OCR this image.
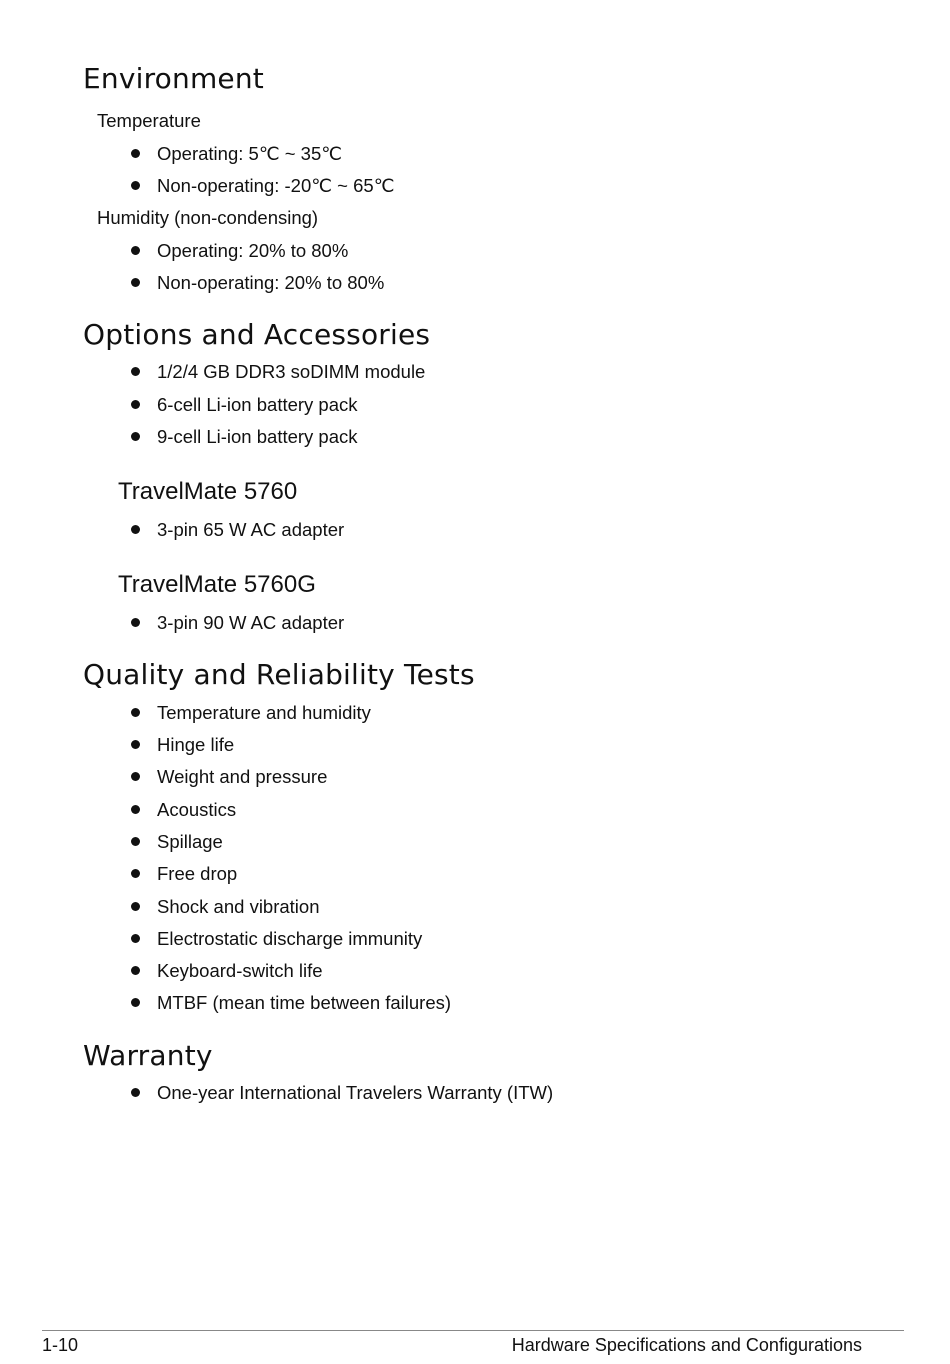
Environment
Temperature
Operating: 5℃ ~ 35℃
Non-operating: -20℃ ~ 65℃
Humidity (non-condensing)
Operating: 20% to 80%
Non-operating: 20% to 80%
Options and Accessories
1/2/4 GB DDR3 soDIMM module
6-cell Li-ion battery pack
9-cell Li-ion battery pack
TravelMate 5760
3-pin 65 W AC adapter
TravelMate 5760G
3-pin 90 W AC adapter
Quality and Reliability Tests
Temperature and humidity
Hinge life
Weight and pressure
Acoustics
Spillage
Free drop
Shock and vibration
Electrostatic discharge immunity
Keyboard-switch life
MTBF (mean time between failures)
Warranty
One-year International Travelers Warranty (ITW)
1-10	Hardware Specifications and Configurations
